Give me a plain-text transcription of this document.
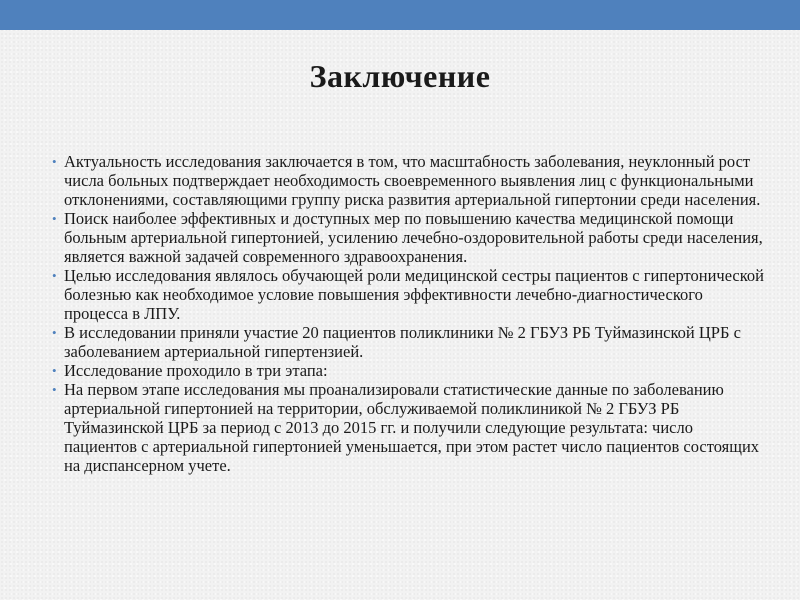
Заключение
• Актуальность исследования заключается в том, что масштабность заболевания, неуклонный рост числа больных подтверждает необходимость своевременного выявления лиц с функциональными отклонениями, составляющими группу риска развития артериальной гипертонии среди населения.
• Поиск наиболее эффективных и доступных мер по повышению качества медицинской помощи больным артериальной гипертонией, усилению лечебно-оздоровительной работы среди населения, является важной задачей современного здравоохранения.
• Целью исследования являлось обучающей роли медицинской сестры пациентов с гипертонической болезнью как необходимое условие повышения эффективности лечебно-диагностического процесса в ЛПУ.
• В исследовании приняли участие 20 пациентов поликлиники № 2 ГБУЗ РБ Туймазинской ЦРБ с заболеванием артериальной гипертензией.
• Исследование проходило в три этапа:
• На первом этапе исследования мы проанализировали статистические данные по заболеванию артериальной гипертонией на территории, обслуживаемой поликлиникой № 2 ГБУЗ РБ Туймазинской ЦРБ за период с 2013 до 2015 гг. и получили следующие результата: число пациентов с артериальной гипертонией уменьшается, при этом растет число пациентов состоящих на диспансерном учете.
